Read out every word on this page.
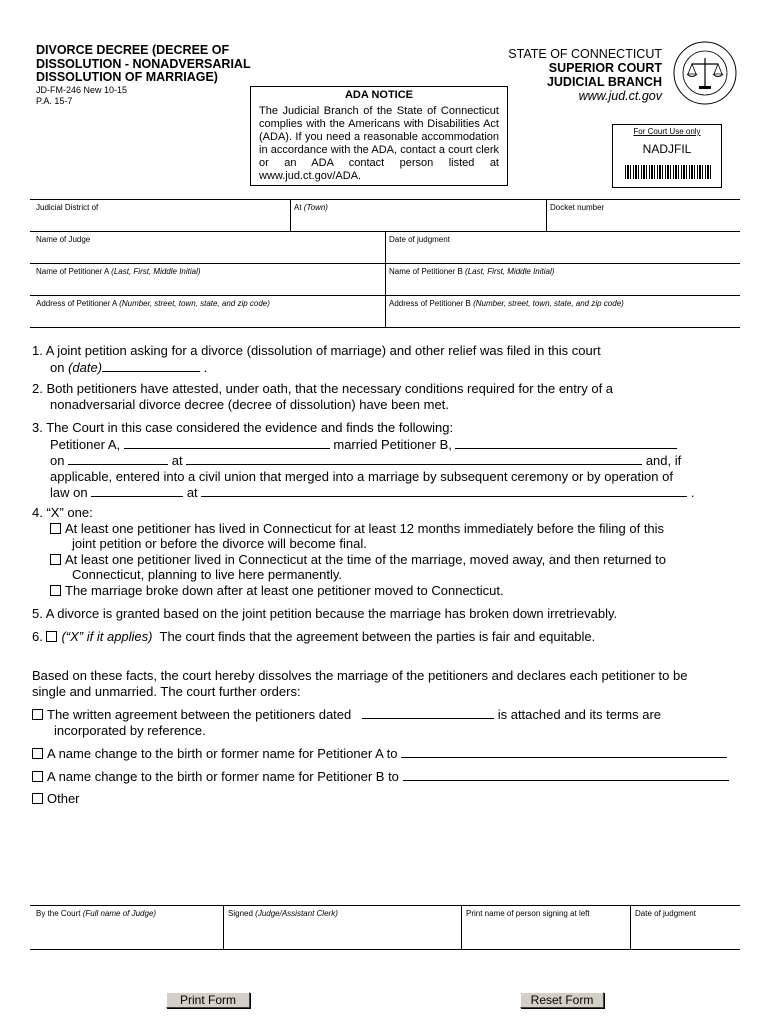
DIVORCE DECREE (DECREE OF
DISSOLUTION - NONADVERSARIAL
DISSOLUTION OF MARRIAGE)
JD-FM-246 New 10-15
P.A. 15-7	ADA NOTICE
The Judicial Branch of the State of Connecticut complies with the Americans with Disabilities Act (ADA). If you need a reasonable accommodation in accordance with the ADA, contact a court clerk or an ADA contact person listed at www.jud.ct.gov/ADA.
STATE OF CONNECTICUT
SUPERIOR COURT
JUDICIAL BRANCH
www.jud.ct.gov
For Court Use only
NADJFIL
Judicial District of	At (Town)	Docket number
Name of Judge	Date of judgment
Name of Petitioner A (Last, First, Middle Initial)	Name of Petitioner B (Last, First, Middle Initial)
Address of Petitioner A (Number, street, town, state, and zip code)	Address of Petitioner B (Number, street, town, state, and zip code)
1. A joint petition asking for a divorce (dissolution of marriage) and other relief was filed in this court
on (date)	.
2. Both petitioners have attested, under oath, that the necessary conditions required for the entry of a
nonadversarial divorce decree (decree of dissolution) have been met.
3. The Court in this case considered the evidence and finds the following:
Petitioner A,	married Petitioner B,
on	at	and, if
applicable, entered into a civil union that merged into a marriage by subsequent ceremony or by operation of
law on	at	.
4. “X” one:
At least one petitioner has lived in Connecticut for at least 12 months immediately before the filing of this
joint petition or before the divorce will become final.
At least one petitioner lived in Connecticut at the time of the marriage, moved away, and then returned to
Connecticut, planning to live here permanently.
The marriage broke down after at least one petitioner moved to Connecticut.
5. A divorce is granted based on the joint petition because the marriage has broken down irretrievably.
6. (“X” if it applies) The court finds that the agreement between the parties is fair and equitable.
Based on these facts, the court hereby dissolves the marriage of the petitioners and declares each petitioner to be
single and unmarried. The court further orders:
The written agreement between the petitioners dated	is attached and its terms are
incorporated by reference.
A name change to the birth or former name for Petitioner A to
A name change to the birth or former name for Petitioner B to
Other
By the Court (Full name of Judge)	Signed (Judge/Assistant Clerk)	Print name of person signing at left	Date of judgment
Print Form	Reset Form
